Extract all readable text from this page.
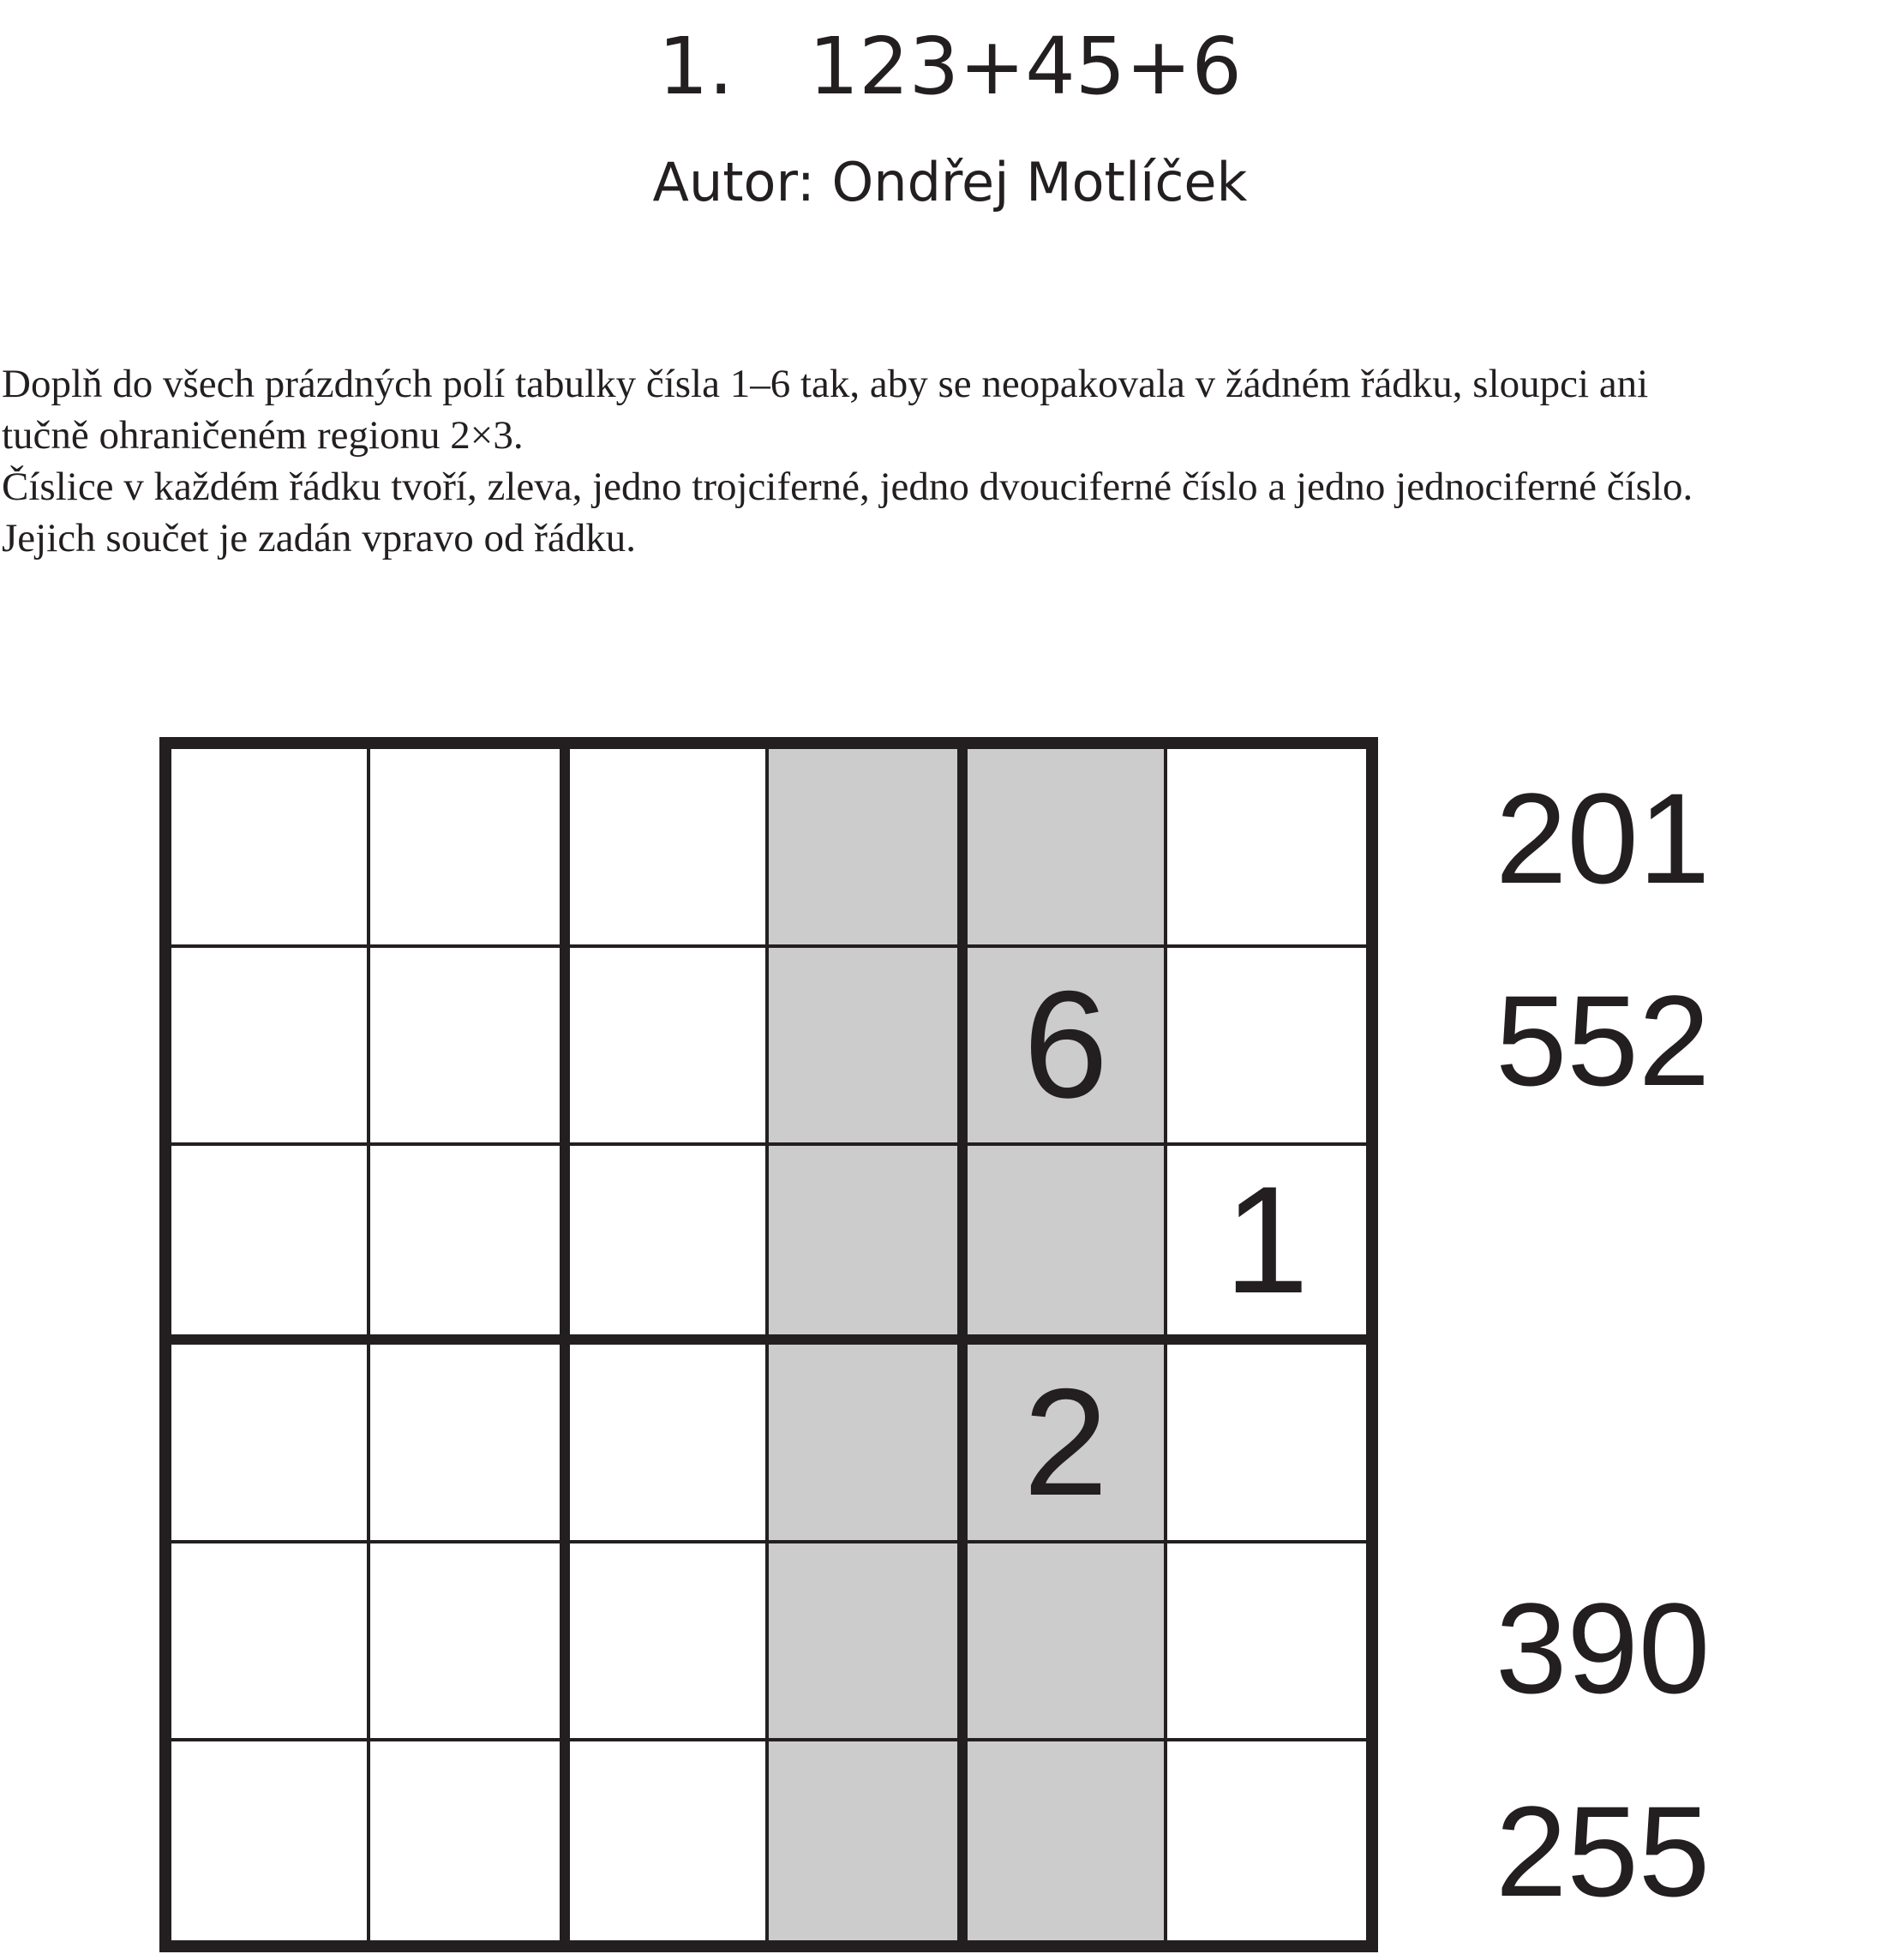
1. 123+45+6
Autor: Ondřej Motlíček

Doplň do všech prázdných polí tabulky čísla 1–6 tak, aby se neopakovala v žádném řádku, sloupci ani

tučně ohraničeném regionu 2×3.

Číslice v každém řádku tvoří, zleva, jedno trojciferné, jedno dvouciferné číslo a jedno jednociferné číslo.

Jejich součet je zadán vpravo od řádku.

6
1
2
201
552
390
255
